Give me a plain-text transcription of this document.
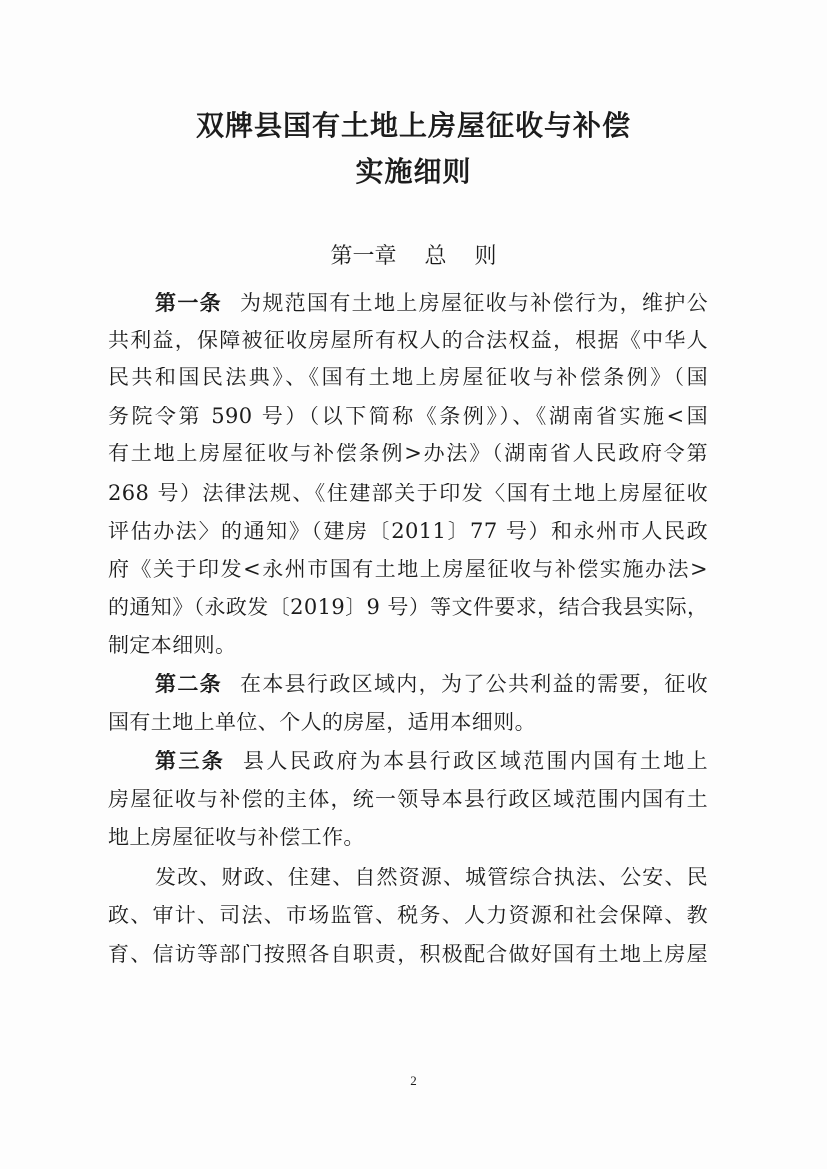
双牌县国有土地上房屋征收与补偿
实施细则
第一章    总    则
第一条 为规范国有土地上房屋征收与补偿行为，维护公
共利益，保障被征收房屋所有权人的合法权益，根据《中华人
民共和国民法典》、《国有土地上房屋征收与补偿条例》（国
务院令第 590 号）（以下简称《条例》）、《湖南省实施<国
有土地上房屋征收与补偿条例>办法》（湖南省人民政府令第
268 号）法律法规、《住建部关于印发〈国有土地上房屋征收
评估办法〉的通知》（建房〔2011〕77 号）和永州市人民政
府《关于印发<永州市国有土地上房屋征收与补偿实施办法>
的通知》（永政发〔2019〕9 号）等文件要求，结合我县实际，
制定本细则。
第二条 在本县行政区域内，为了公共利益的需要，征收
国有土地上单位、个人的房屋，适用本细则。
第三条 县人民政府为本县行政区域范围内国有土地上
房屋征收与补偿的主体，统一领导本县行政区域范围内国有土
地上房屋征收与补偿工作。
发改、财政、住建、自然资源、城管综合执法、公安、民
政、审计、司法、市场监管、税务、人力资源和社会保障、教
育、信访等部门按照各自职责，积极配合做好国有土地上房屋
2
